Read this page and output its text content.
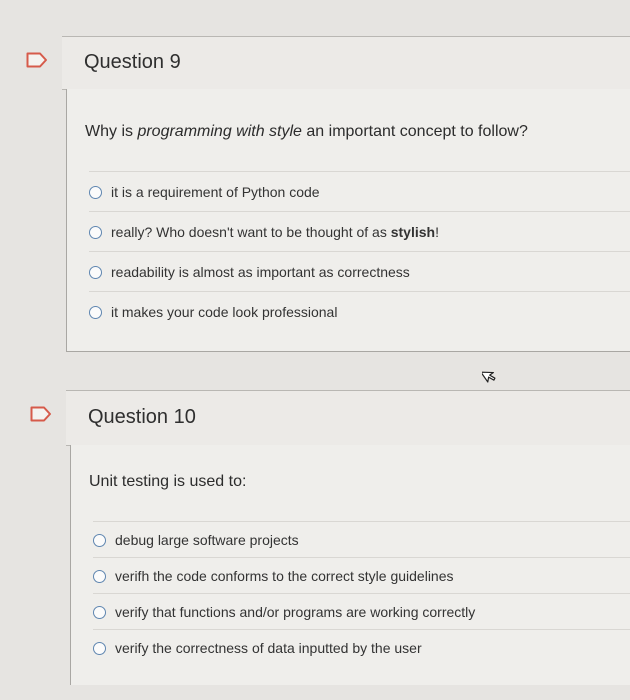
Question 9
Why is programming with style an important concept to follow?
it is a requirement of Python code
really? Who doesn't want to be thought of as stylish!
readability is almost as important as correctness
it makes your code look professional
Question 10
Unit testing is used to:
debug large software projects
verifh the code conforms to the correct style guidelines
verify that functions and/or programs are working correctly
verify the correctness of data inputted by the user
